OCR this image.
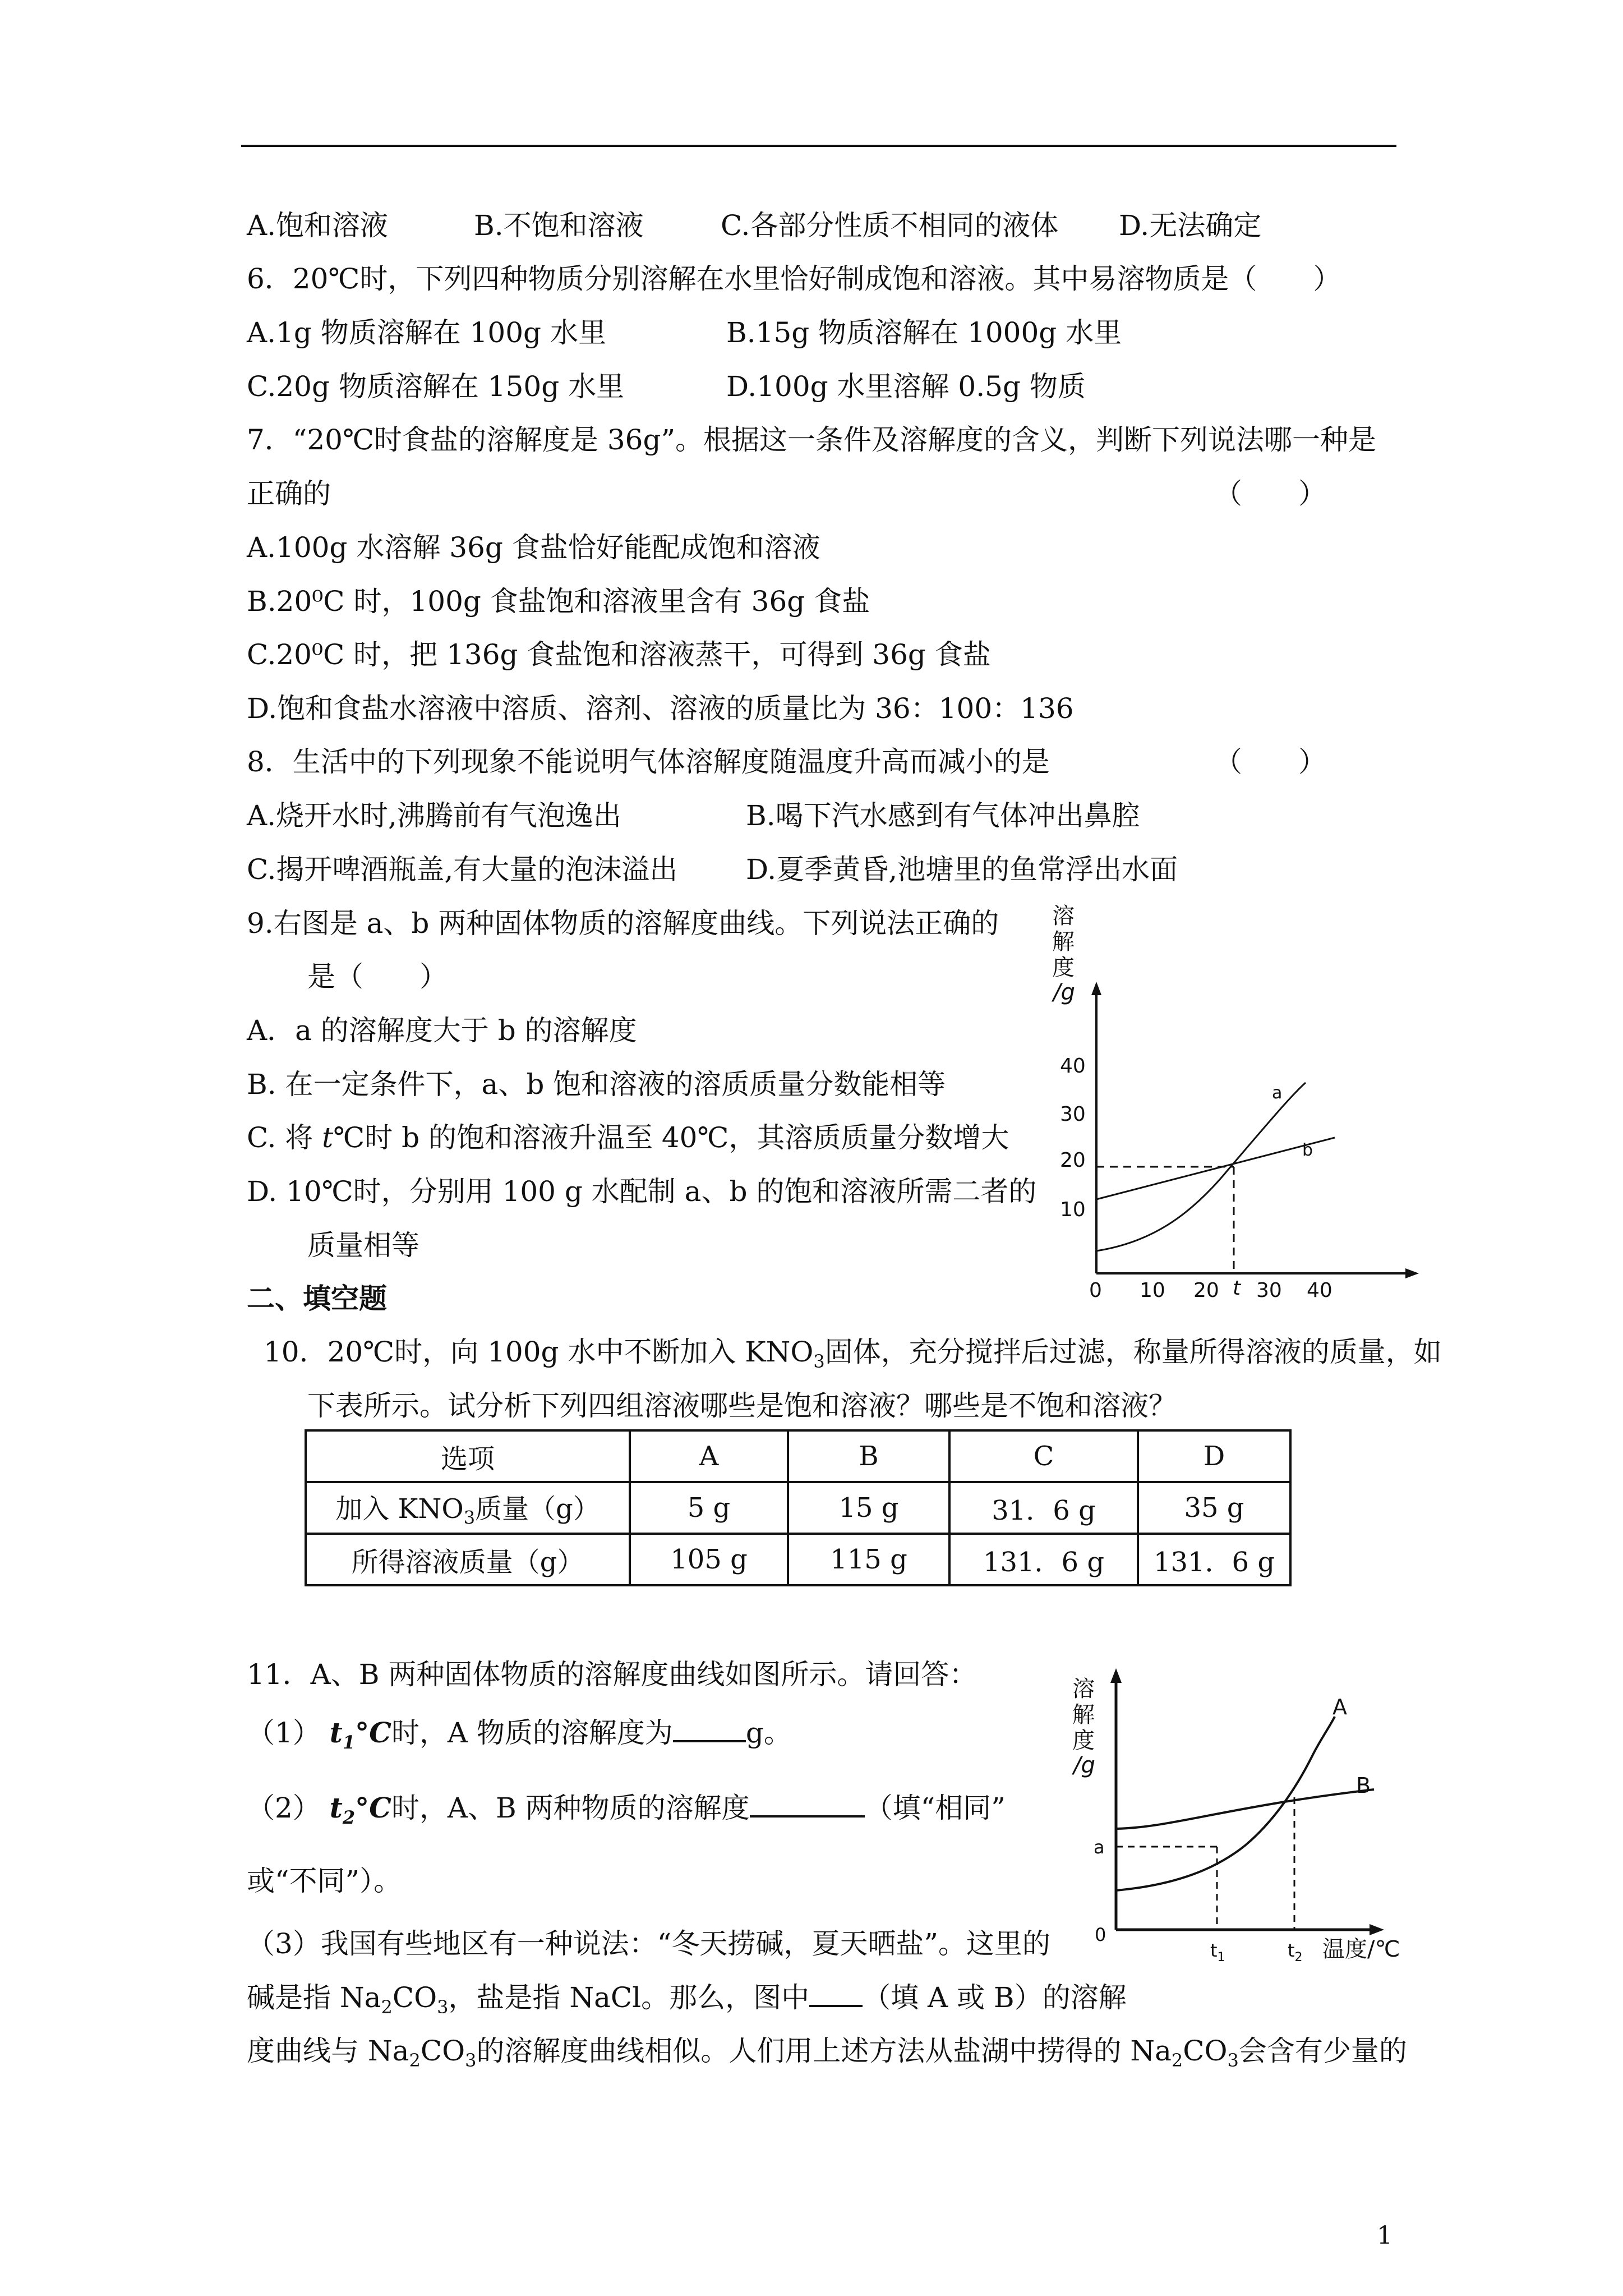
A.饱和溶液	B.不饱和溶液	C.各部分性质不相同的液体 D.无法确定
6．20℃时，下列四种物质分别溶解在水里恰好制成饱和溶液。其中易溶物质是（　　）
A.1g 物质溶解在 100g 水里	B.15g 物质溶解在 1000g 水里
C.20g 物质溶解在 150g 水里	D.100g 水里溶解 0.5g 物质
7．“20℃时食盐的溶解度是 36g”。根据这一条件及溶解度的含义，判断下列说法哪一种是
正确的	（　　）
A.100g 水溶解 36g 食盐恰好能配成饱和溶液
B.20⁰C 时，100g 食盐饱和溶液里含有 36g 食盐
C.20⁰C 时，把 136g 食盐饱和溶液蒸干，可得到 36g 食盐
D.饱和食盐水溶液中溶质、溶剂、溶液的质量比为 36：100：136
8．生活中的下列现象不能说明气体溶解度随温度升高而减小的是	（　　）
A.烧开水时,沸腾前有气泡逸出	B.喝下汽水感到有气体冲出鼻腔
C.揭开啤酒瓶盖,有大量的泡沫溢出 D.夏季黄昏,池塘里的鱼常浮出水面
9.右图是 a、b 两种固体物质的溶解度曲线。下列说法正确的
是（　　）
A．a 的溶解度大于 b 的溶解度
B. 在一定条件下，a、b 饱和溶液的溶质质量分数能相等
C. 将 t℃时 b 的饱和溶液升温至 40℃，其溶质质量分数增大
D. 10℃时，分别用 100 g 水配制 a、b 的饱和溶液所需二者的
质量相等
溶
解
度
/g
40
30
20
10
0 10 20 t 30 40
a
b
二、填空题
10．20℃时，向 100g 水中不断加入 $KNO_3$固体，充分搅拌后过滤，称量所得溶液的质量，如
下表所示。试分析下列四组溶液哪些是饱和溶液？哪些是不饱和溶液？
选项	A	B	C	D
加入 $KNO_3$质量（g）	5 g	15 g	31．6 g	35 g
所得溶液质量（g）	105 g	115 g	131．6 g	131．6 g
11．A、B 两种固体物质的溶解度曲线如图所示。请回答：
（1） $t_1^\circ C$时，A 物质的溶解度为	g。
（2） $t_2^\circ C$时，A、B 两种物质的溶解度	（填“相同”
或“不同”）。
（3）我国有些地区有一种说法：“冬天捞碱，夏天晒盐”。这里的
碱是指 $Na_2CO_3$，盐是指 NaCl。那么，图中 （填 A 或 B）的溶解
度曲线与 $Na_2CO_3$的溶解度曲线相似。人们用上述方法从盐湖中捞得的 $Na_2CO_3$会含有少量的
溶
解
度
/g
A
B
a
0
$t_1$	$t_2$ 温度/℃
1
